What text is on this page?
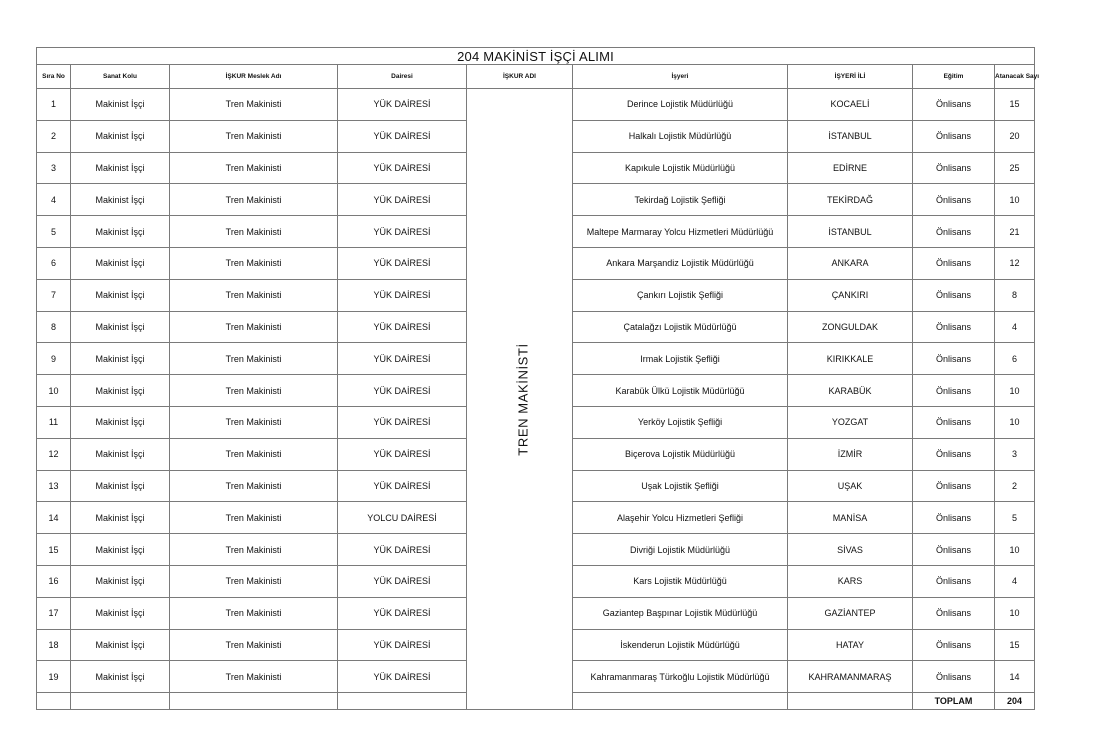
204 MAKİNİST İŞÇİ ALIMI								
Sıra No	Sanat Kolu	İŞKUR Meslek Adı	Dairesi	İŞKUR ADI	İşyeri	İŞYERİ İLİ	Eğitim	Atanacak Sayı
1	Makinist İşçi	Tren Makinisti	YÜK DAİRESİ	TREN MAKİNİSTİ	Derince Lojistik Müdürlüğü	KOCAELİ	Önlisans	15
2	Makinist İşçi	Tren Makinisti	YÜK DAİRESİ		Halkalı Lojistik Müdürlüğü	İSTANBUL	Önlisans	20
3	Makinist İşçi	Tren Makinisti	YÜK DAİRESİ		Kapıkule Lojistik Müdürlüğü	EDİRNE	Önlisans	25
4	Makinist İşçi	Tren Makinisti	YÜK DAİRESİ		Tekirdağ Lojistik Şefliği	TEKİRDAĞ	Önlisans	10
5	Makinist İşçi	Tren Makinisti	YÜK DAİRESİ		Maltepe Marmaray Yolcu Hizmetleri Müdürlüğü	İSTANBUL	Önlisans	21
6	Makinist İşçi	Tren Makinisti	YÜK DAİRESİ		Ankara Marşandiz Lojistik Müdürlüğü	ANKARA	Önlisans	12
7	Makinist İşçi	Tren Makinisti	YÜK DAİRESİ		Çankırı Lojistik Şefliği	ÇANKIRI	Önlisans	8
8	Makinist İşçi	Tren Makinisti	YÜK DAİRESİ		Çatalağzı Lojistik Müdürlüğü	ZONGULDAK	Önlisans	4
9	Makinist İşçi	Tren Makinisti	YÜK DAİRESİ		Irmak Lojistik Şefliği	KIRIKKALE	Önlisans	6
10	Makinist İşçi	Tren Makinisti	YÜK DAİRESİ		Karabük Ülkü Lojistik Müdürlüğü	KARABÜK	Önlisans	10
11	Makinist İşçi	Tren Makinisti	YÜK DAİRESİ		Yerköy Lojistik Şefliği	YOZGAT	Önlisans	10
12	Makinist İşçi	Tren Makinisti	YÜK DAİRESİ		Biçerova Lojistik Müdürlüğü	İZMİR	Önlisans	3
13	Makinist İşçi	Tren Makinisti	YÜK DAİRESİ		Uşak Lojistik Şefliği	UŞAK	Önlisans	2
14	Makinist İşçi	Tren Makinisti	YOLCU DAİRESİ		Alaşehir Yolcu Hizmetleri Şefliği	MANİSA	Önlisans	5
15	Makinist İşçi	Tren Makinisti	YÜK DAİRESİ		Divriği Lojistik Müdürlüğü	SİVAS	Önlisans	10
16	Makinist İşçi	Tren Makinisti	YÜK DAİRESİ		Kars Lojistik Müdürlüğü	KARS	Önlisans	4
17	Makinist İşçi	Tren Makinisti	YÜK DAİRESİ		Gaziantep Başpınar Lojistik Müdürlüğü	GAZİANTEP	Önlisans	10
18	Makinist İşçi	Tren Makinisti	YÜK DAİRESİ		İskenderun Lojistik Müdürlüğü	HATAY	Önlisans	15
19	Makinist İşçi	Tren Makinisti	YÜK DAİRESİ		Kahramanmaraş Türkoğlu Lojistik Müdürlüğü	KAHRAMANMARAŞ	Önlisans	14
							TOPLAM	204
